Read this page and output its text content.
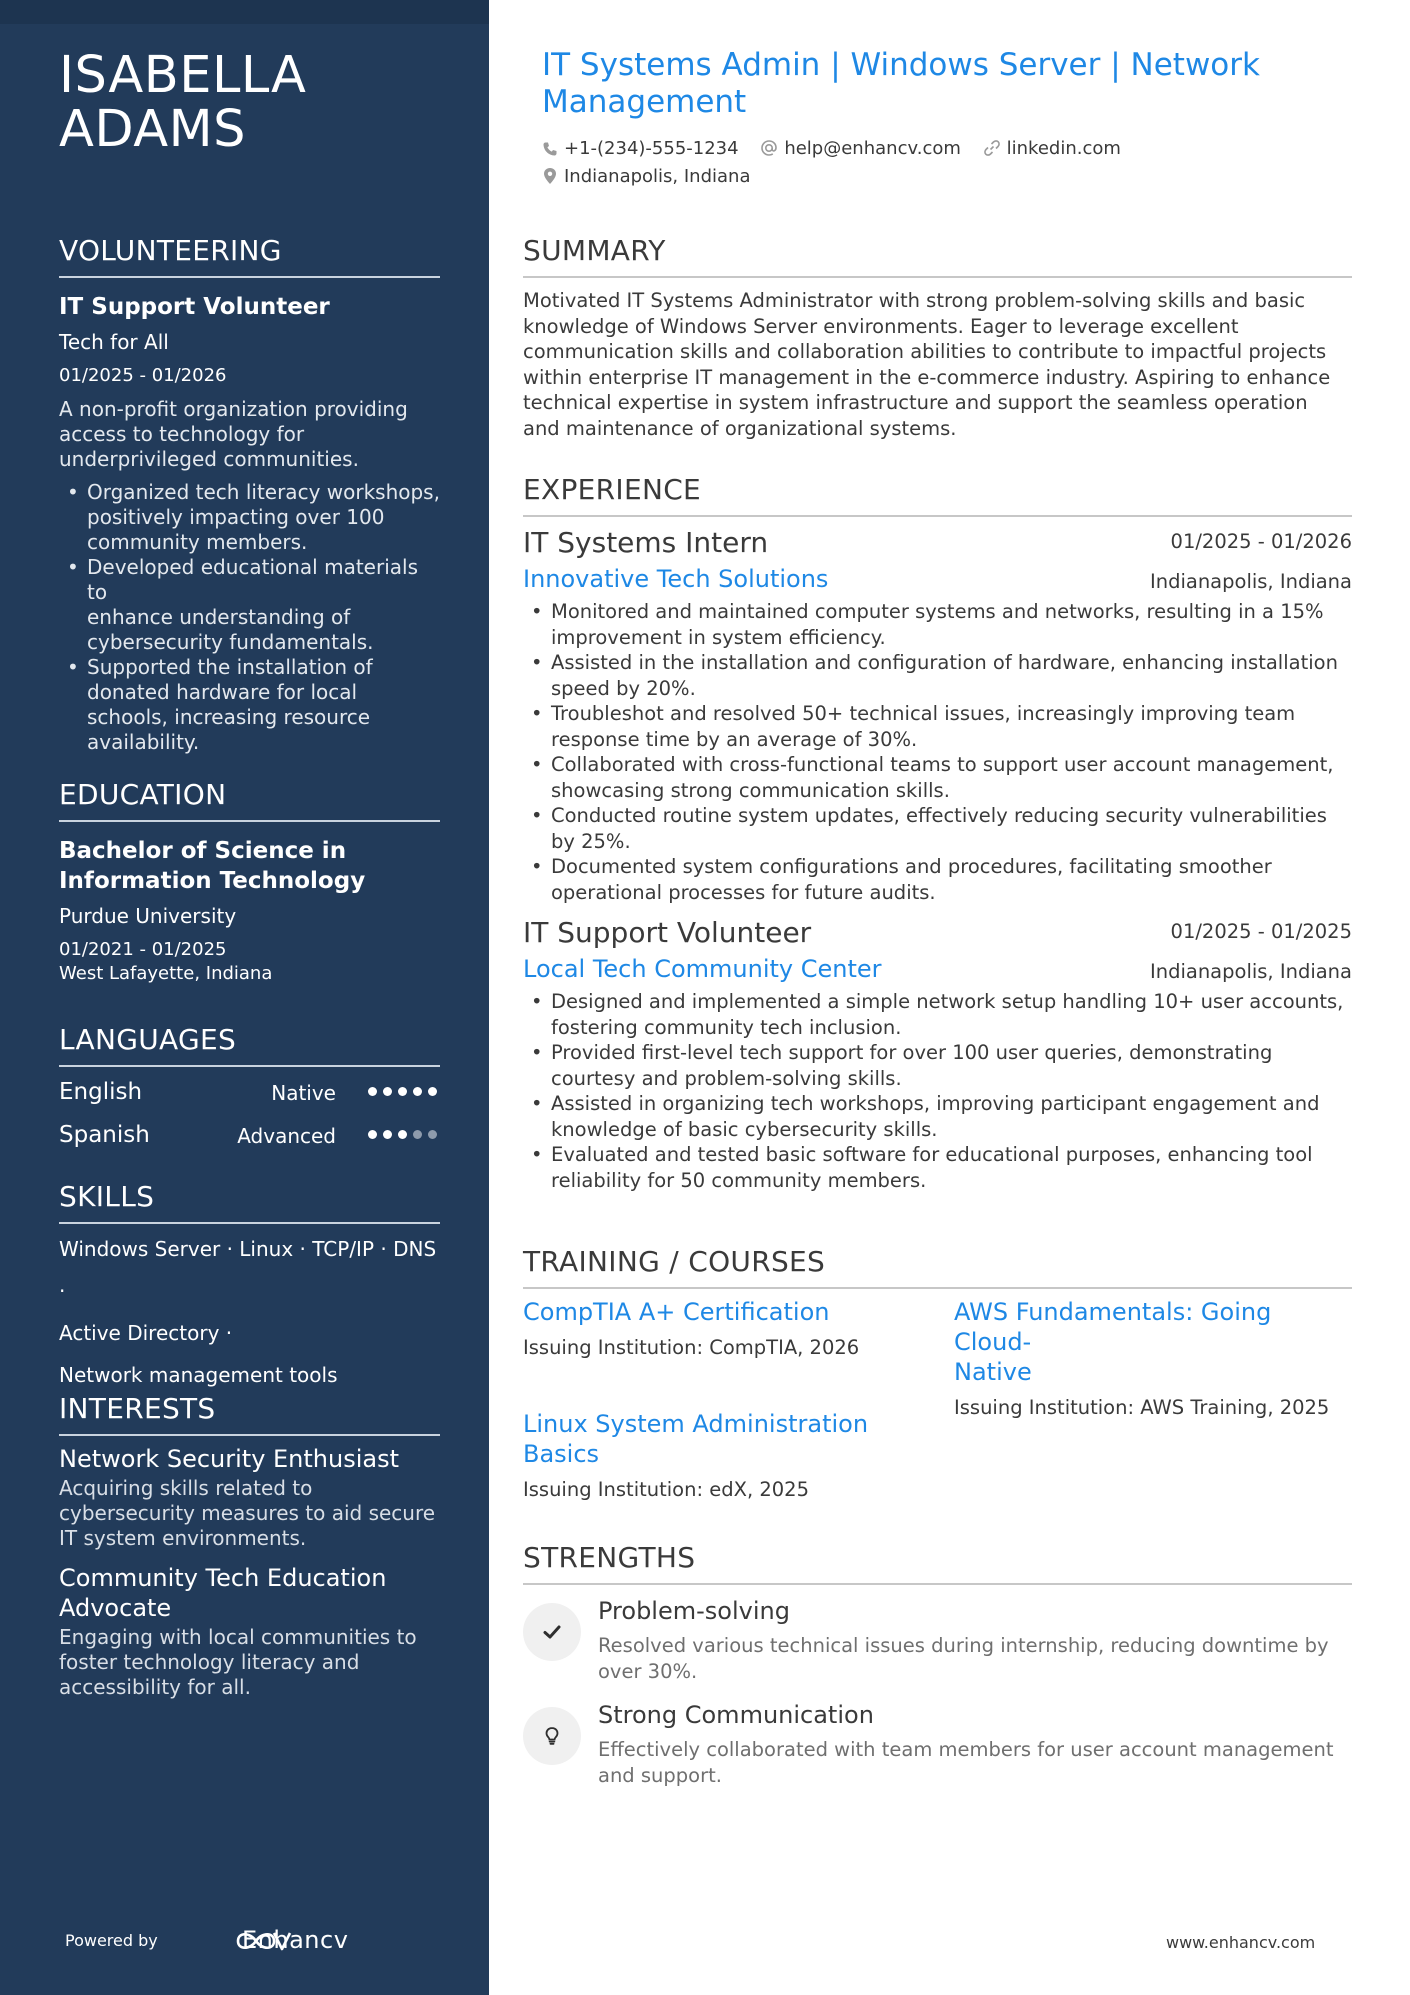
ISABELLA
ADAMS
VOLUNTEERING
IT Support Volunteer
Tech for All
01/2025 - 01/2026
A non-profit organization providing
access to technology for
underprivileged communities.
• Organized tech literacy workshops,
positively impacting over 100
community members.
• Developed educational materials to
enhance understanding of
cybersecurity fundamentals.
• Supported the installation of
donated hardware for local
schools, increasing resource
availability.
EDUCATION
Bachelor of Science in
Information Technology
Purdue University
01/2021 - 01/2025
West Lafayette, Indiana
LANGUAGES
English	Native
Spanish	Advanced
SKILLS
Windows Server · Linux · TCP/IP · DNS ·
Active Directory ·
Network management tools
INTERESTS
Network Security Enthusiast
Acquiring skills related to
cybersecurity measures to aid secure
IT system environments.
Community Tech Education
Advocate
Engaging with local communities to
foster technology literacy and
accessibility for all.
Powered by	Enhancv
IT Systems Admin | Windows Server | Network
Management
+1-(234)-555-1234	help@enhancv.com	linkedin.com
Indianapolis, Indiana
SUMMARY
Motivated IT Systems Administrator with strong problem-solving skills and basic
knowledge of Windows Server environments. Eager to leverage excellent
communication skills and collaboration abilities to contribute to impactful projects
within enterprise IT management in the e-commerce industry. Aspiring to enhance
technical expertise in system infrastructure and support the seamless operation
and maintenance of organizational systems.
EXPERIENCE
IT Systems Intern	01/2025 - 01/2026
Innovative Tech Solutions	Indianapolis, Indiana
• Monitored and maintained computer systems and networks, resulting in a 15%
improvement in system efficiency.
• Assisted in the installation and configuration of hardware, enhancing installation
speed by 20%.
• Troubleshot and resolved 50+ technical issues, increasingly improving team
response time by an average of 30%.
• Collaborated with cross-functional teams to support user account management,
showcasing strong communication skills.
• Conducted routine system updates, effectively reducing security vulnerabilities
by 25%.
• Documented system configurations and procedures, facilitating smoother
operational processes for future audits.
IT Support Volunteer	01/2025 - 01/2025
Local Tech Community Center	Indianapolis, Indiana
• Designed and implemented a simple network setup handling 10+ user accounts,
fostering community tech inclusion.
• Provided first-level tech support for over 100 user queries, demonstrating
courtesy and problem-solving skills.
• Assisted in organizing tech workshops, improving participant engagement and
knowledge of basic cybersecurity skills.
• Evaluated and tested basic software for educational purposes, enhancing tool
reliability for 50 community members.
TRAINING / COURSES
CompTIA A+ Certification
Issuing Institution: CompTIA, 2026
AWS Fundamentals: Going Cloud-
Native
Issuing Institution: AWS Training, 2025
Linux System Administration
Basics
Issuing Institution: edX, 2025
STRENGTHS
Problem-solving
Resolved various technical issues during internship, reducing downtime by
over 30%.
Strong Communication
Effectively collaborated with team members for user account management
and support.
www.enhancv.com
